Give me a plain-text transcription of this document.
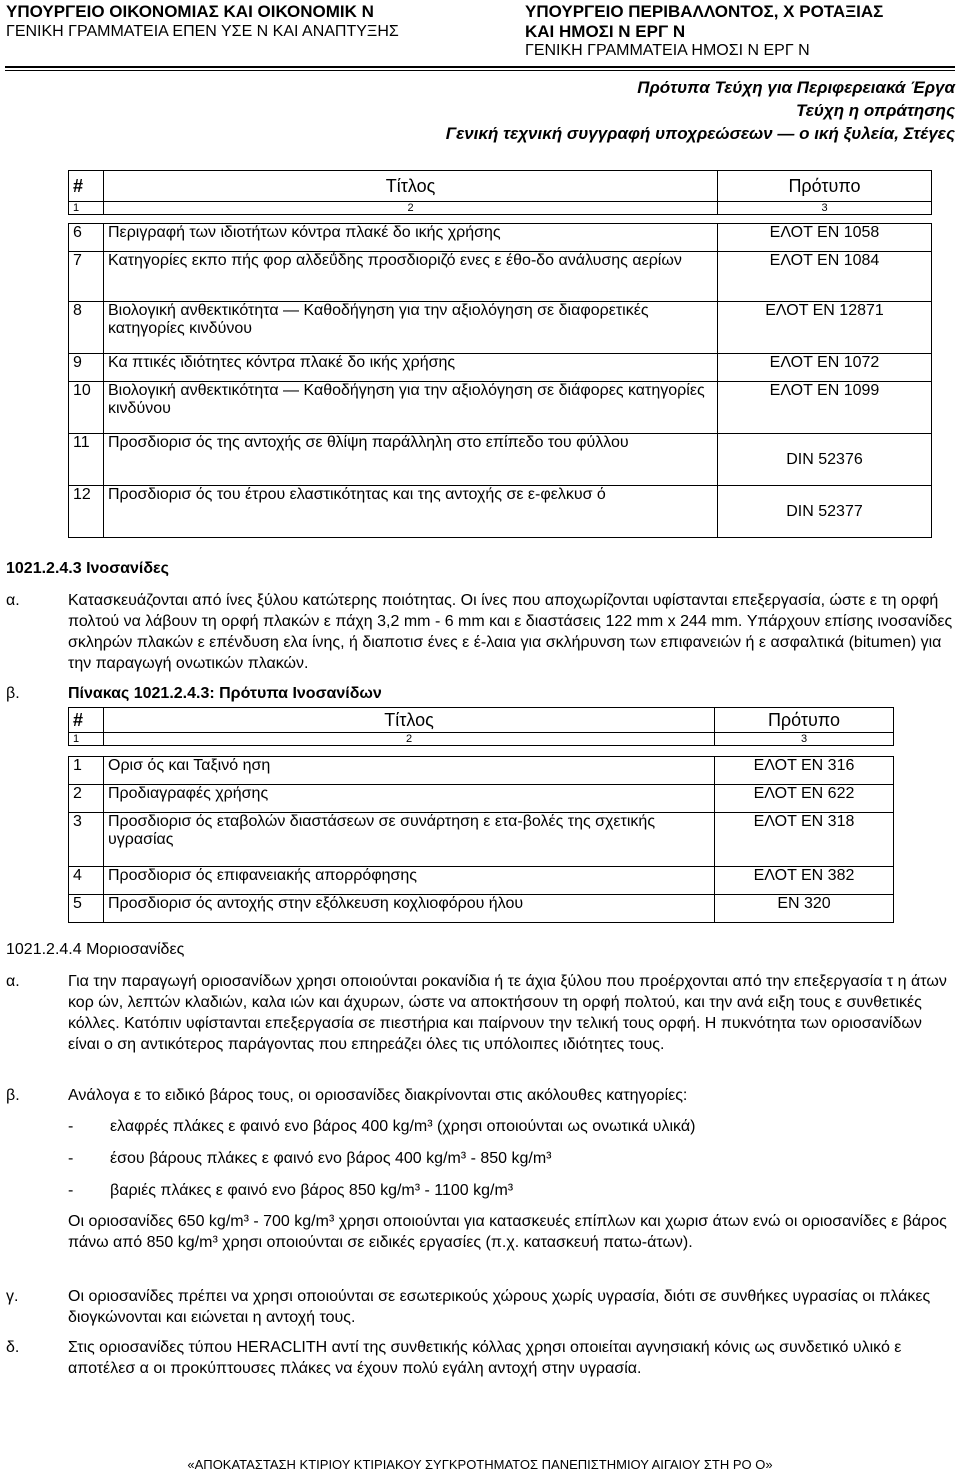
ΥΠΟΥΡΓΕΙΟ ΟΙΚΟΝΟΜΙΑΣ ΚΑΙ ΟΙΚΟΝΟΜΙΚ Ν
ΓΕΝΙΚΗ ΓΡΑΜΜΑΤΕΙΑ ΕΠΕΝ ΥΣΕ Ν ΚΑΙ ΑΝΑΠΤΥΞΗΣ
ΥΠΟΥΡΓΕΙΟ ΠΕΡΙΒΑΛΛΟΝΤΟΣ, Χ ΡΟΤΑΞΙΑΣ
ΚΑΙ ΗΜΟΣΙ Ν ΕΡΓ Ν
ΓΕΝΙΚΗ ΓΡΑΜΜΑΤΕΙΑ ΗΜΟΣΙ Ν ΕΡΓ Ν
Πρότυπα Τεύχη για Περιφερειακά Έργα
Τεύχη η οπράτησης
Γενική τεχνική συγγραφή υποχρεώσεων — ο ική ξυλεία, Στέγες
#	Τίτλος	Πρότυπο
1	2	3

6	Περιγραφή των ιδιοτήτων κόντρα πλακέ δο ικής χρήσης	ΕΛΟΤ ΕΝ 1058
7	Κατηγορίες εκπο πής φορ αλδεΰδης προσδιοριζό ενες ε έθο-δο ανάλυσης αερίων	ΕΛΟΤ ΕΝ 1084
8	Βιολογική ανθεκτικότητα — Καθοδήγηση για την αξιολόγηση σε διαφορετικές κατηγορίες κινδύνου	ΕΛΟΤ ΕΝ 12871
9	Κα πτικές ιδιότητες κόντρα πλακέ δο ικής χρήσης	ΕΛΟΤ ΕΝ 1072
10	Βιολογική ανθεκτικότητα — Καθοδήγηση για την αξιολόγηση σε διάφορες κατηγορίες κινδύνου	ΕΛΟΤ ΕΝ 1099
11	Προσδιορισ ός της αντοχής σε θλίψη παράλληλη στο επίπεδο του φύλλου	DIN 52376
12	Προσδιορισ ός του έτρου ελαστικότητας και της αντοχής σε ε-φελκυσ ό	DIN 52377
1021.2.4.3 Ινοσανίδες
α.	Κατασκευάζονται από ίνες ξύλου κατώτερης ποιότητας. Οι ίνες που αποχωρίζονται υφίστανται επεξεργασία, ώστε ε τη ορφή πολτού να λάβουν τη ορφή πλακών ε πάχη 3,2 mm - 6 mm και ε διαστάσεις 122 mm x 244 mm. Υπάρχουν επίσης ινοσανίδες σκληρών πλακών ε επένδυση ελα ίνης, ή διαποτισ ένες ε έ-λαια για σκλήρυνση των επιφανειών ή ε ασφαλτικά (bitumen) για την παραγωγή ονωτικών πλακών.
β.	Πίνακας 1021.2.4.3: Πρότυπα Ινοσανίδων
#	Τίτλος	Πρότυπο
1	2	3

1	Ορισ ός και Ταξινό ηση	ΕΛΟΤ ΕΝ 316
2	Προδιαγραφές χρήσης	ΕΛΟΤ ΕΝ 622
3	Προσδιορισ ός εταβολών διαστάσεων σε συνάρτηση ε ετα-βολές της σχετικής υγρασίας	ΕΛΟΤ ΕΝ 318
4	Προσδιορισ ός επιφανειακής απορρόφησης	ΕΛΟΤ ΕΝ 382
5	Προσδιορισ ός αντοχής στην εξόλκευση κοχλιοφόρου ήλου	ΕΝ 320
1021.2.4.4 Μοριοσανίδες
α.	Για την παραγωγή οριοσανίδων χρησι οποιούνται ροκανίδια ή τε άχια ξύλου που προέρχονται από την επεξεργασία τ η άτων κορ ών, λεπτών κλαδιών, καλα ιών και άχυρων, ώστε να αποκτήσουν τη ορφή πολτού, και την ανά ειξη τους ε συνθετικές κόλλες. Κατόπιν υφίστανται επεξεργασία σε πιεστήρια και παίρνουν την τελική τους ορφή. Η πυκνότητα των οριοσανίδων είναι ο ση αντικότερος παράγοντας που επηρεάζει όλες τις υπόλοιπες ιδιότητες τους.
β.	Ανάλογα ε το ειδικό βάρος τους, οι οριοσανίδες διακρίνονται στις ακόλουθες κατηγορίες:
- ελαφρές πλάκες ε φαινό ενο βάρος 400 kg/m³ (χρησι οποιούνται ως ονωτικά υλικά)
- έσου βάρους πλάκες ε φαινό ενο βάρος 400 kg/m³ - 850 kg/m³
- βαριές πλάκες ε φαινό ενο βάρος 850 kg/m³ - 1100 kg/m³
Οι οριοσανίδες 650 kg/m³ - 700 kg/m³ χρησι οποιούνται για κατασκευές επίπλων και χωρισ άτων ενώ οι οριοσανίδες ε βάρος πάνω από 850 kg/m³ χρησι οποιούνται σε ειδικές εργασίες (π.χ. κατασκευή πατω-άτων).
γ.	Οι οριοσανίδες πρέπει να χρησι οποιούνται σε εσωτερικούς χώρους χωρίς υγρασία, διότι σε συνθήκες υγρασίας οι πλάκες διογκώνονται και ειώνεται η αντοχή τους.
δ.	Στις οριοσανίδες τύπου HERACLITH αντί της συνθετικής κόλλας χρησι οποιείται αγνησιακή κόνις ως συνδετικό υλικό ε αποτέλεσ α οι προκύπτουσες πλάκες να έχουν πολύ εγάλη αντοχή στην υγρασία.
«ΑΠΟΚΑΤΑΣΤΑΣΗ ΚΤΙΡΙΟΥ ΚΤΙΡΙΑΚΟΥ ΣΥΓΚΡΟΤΗΜΑΤΟΣ ΠΑΝΕΠΙΣΤΗΜΙΟΥ ΑΙΓΑΙΟΥ ΣΤΗ ΡΟ Ο»
